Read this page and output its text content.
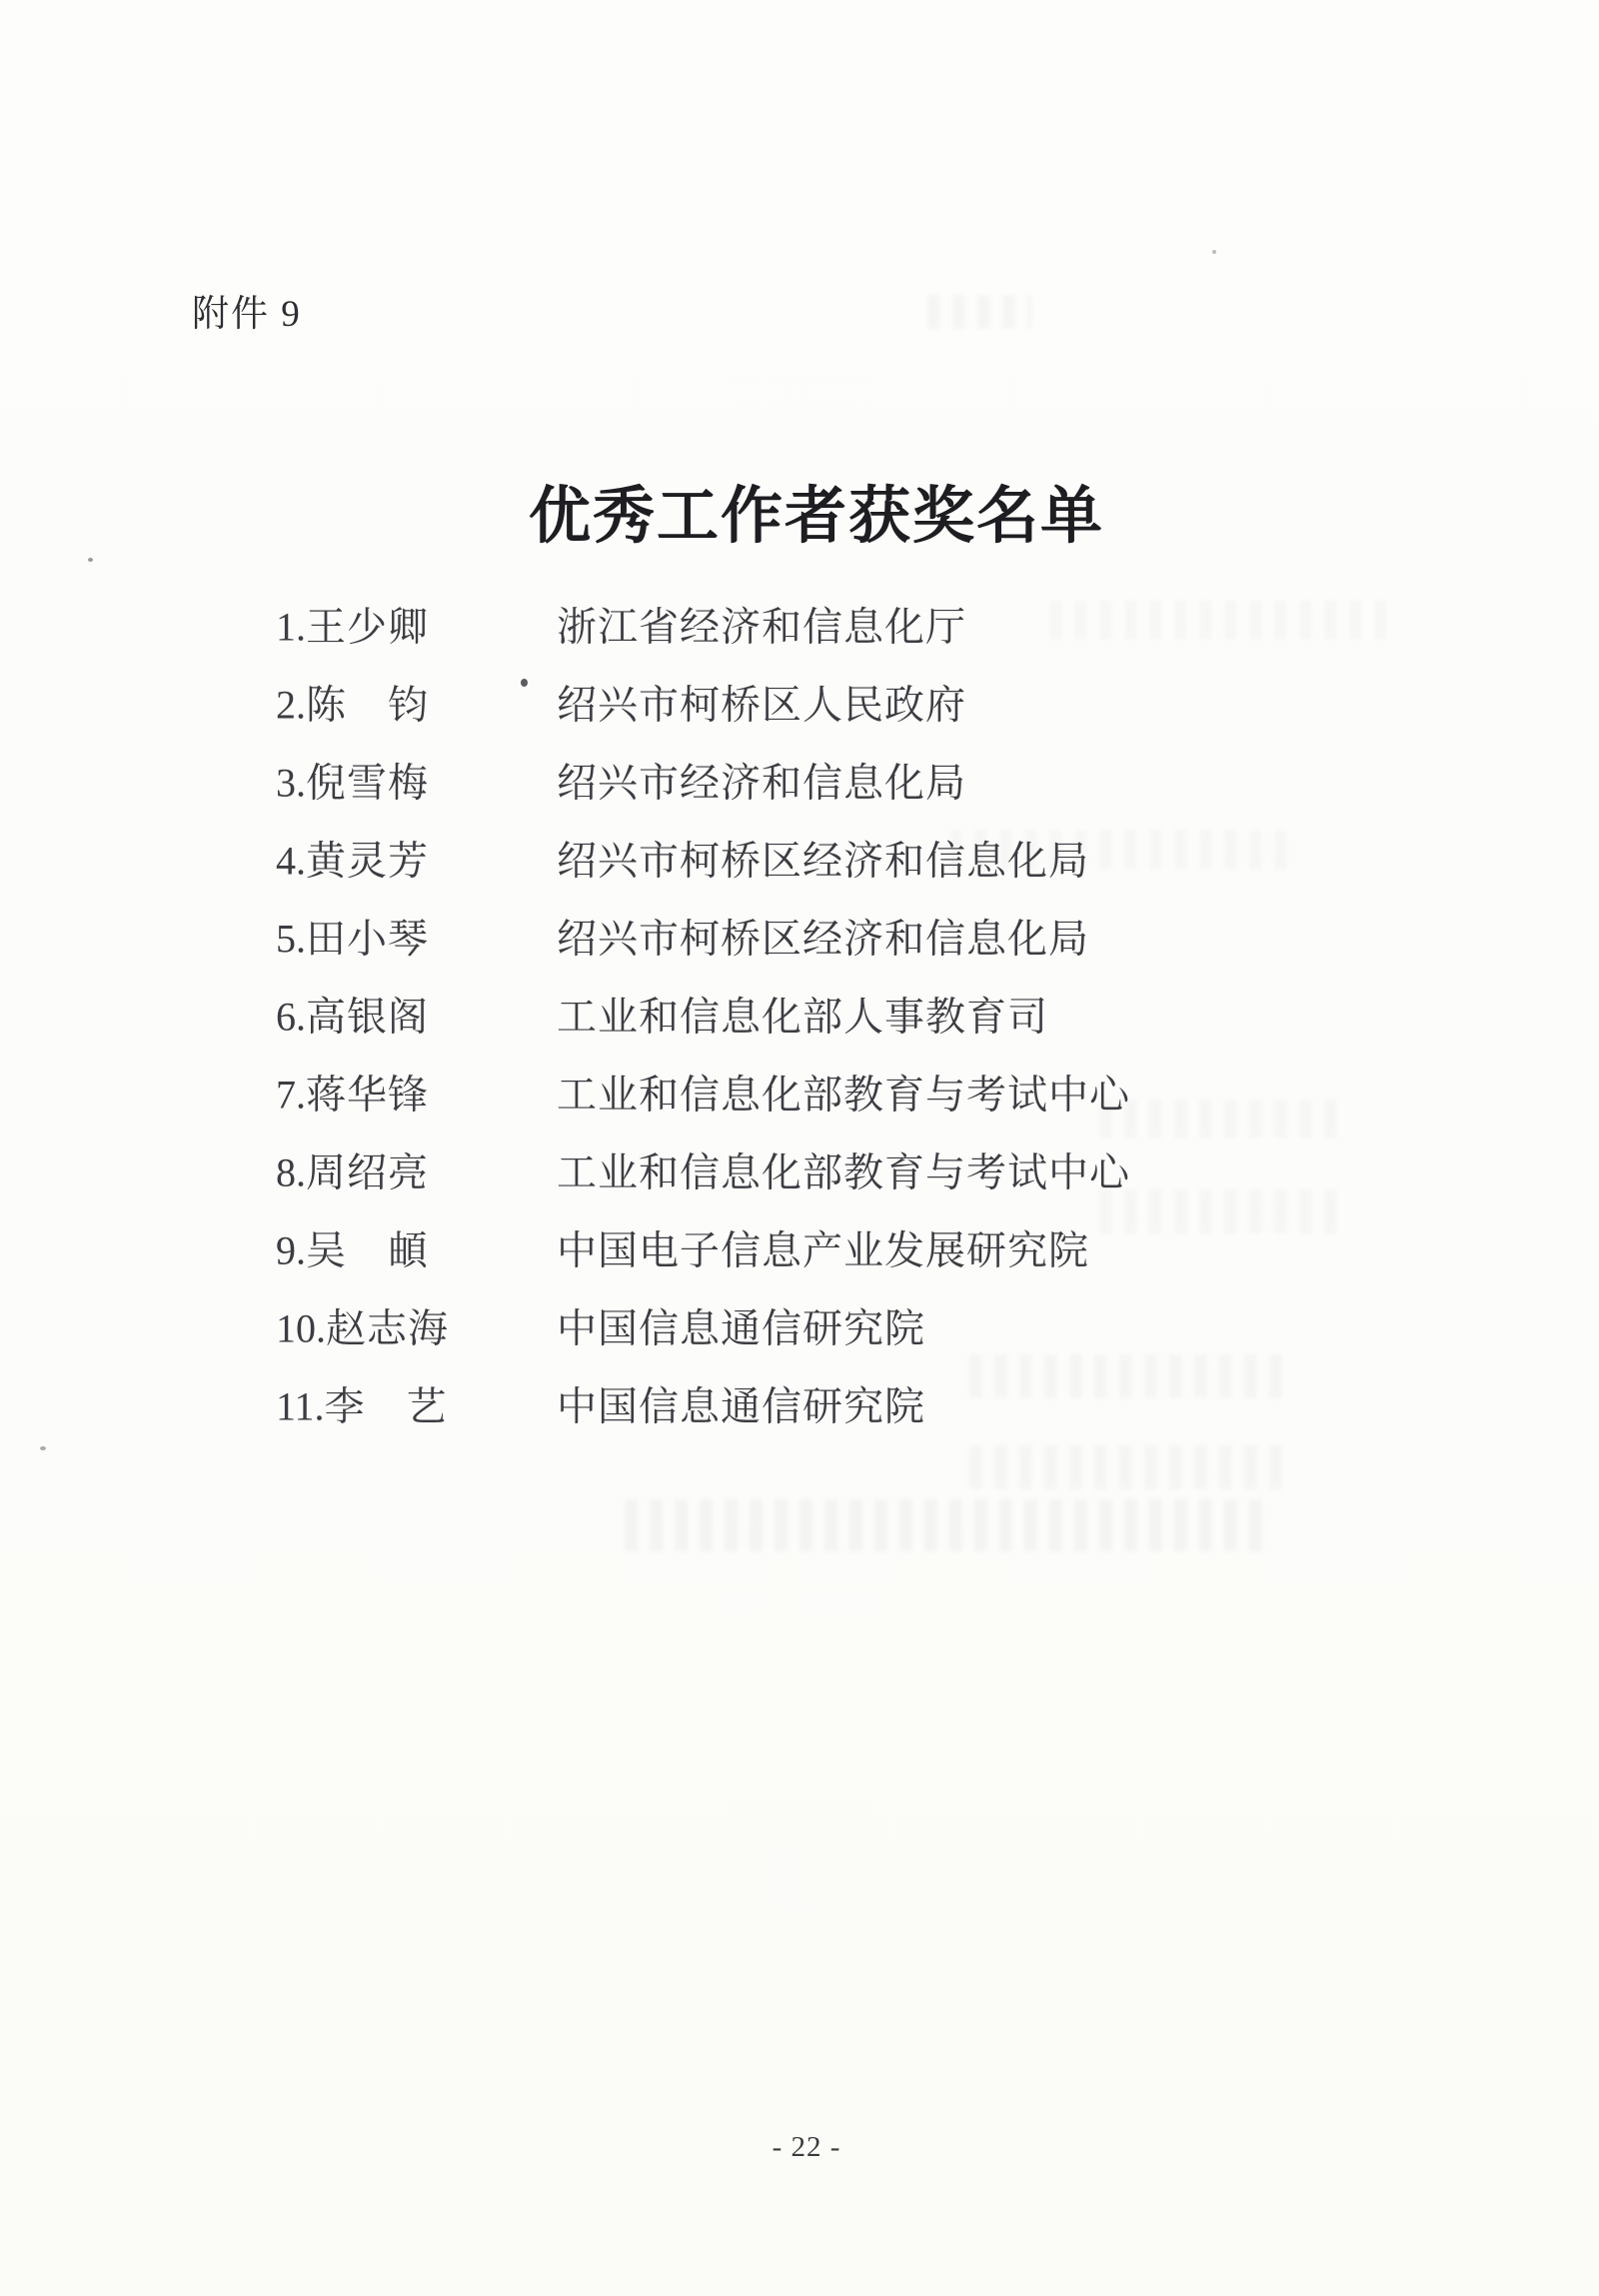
附件 9
优秀工作者获奖名单
1.王少卿	浙江省经济和信息化厅
2.陈　钧	绍兴市柯桥区人民政府
3.倪雪梅	绍兴市经济和信息化局
4.黄灵芳	绍兴市柯桥区经济和信息化局
5.田小琴	绍兴市柯桥区经济和信息化局
6.高银阁	工业和信息化部人事教育司
7.蒋华锋	工业和信息化部教育与考试中心
8.周绍亮	工业和信息化部教育与考试中心
9.吴　頔	中国电子信息产业发展研究院
10.赵志海	中国信息通信研究院
11.李　艺	中国信息通信研究院
- 22 -
